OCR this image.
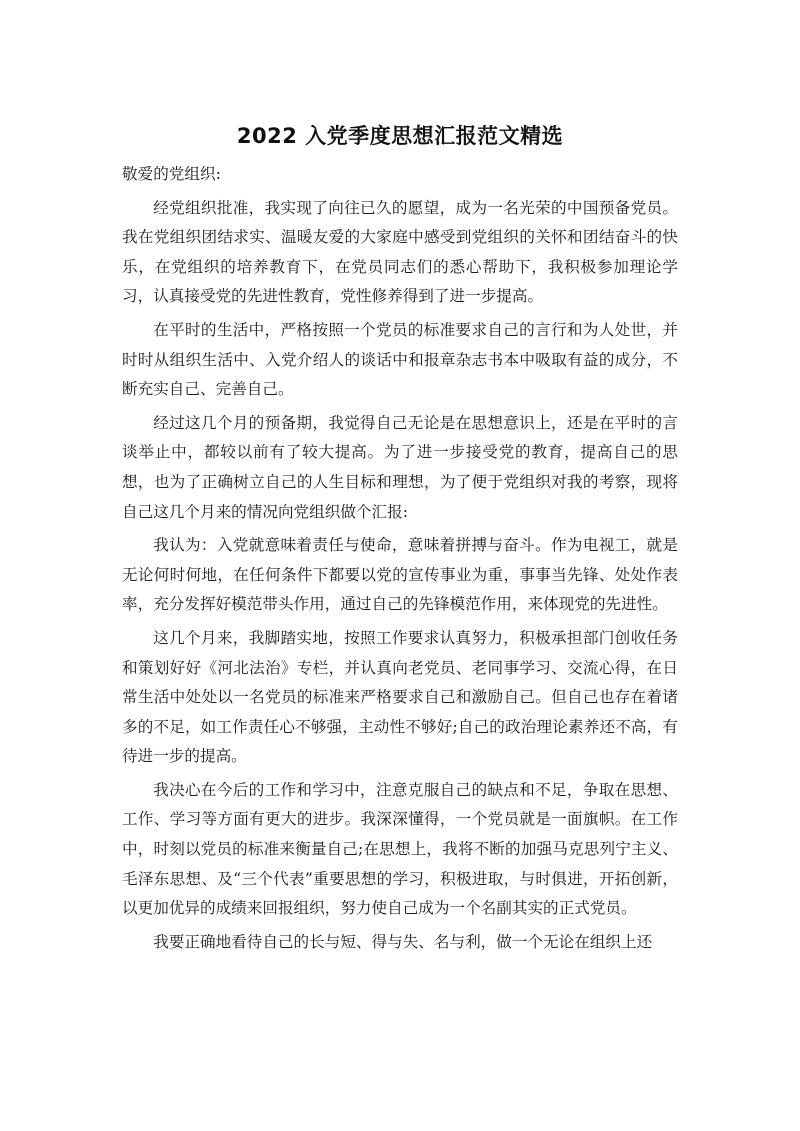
2022 入党季度思想汇报范文精选

敬爱的党组织:

经党组织批准，我实现了向往已久的愿望，成为一名光荣的中国预备党员。我在党组织团结求实、温暖友爱的大家庭中感受到党组织的关怀和团结奋斗的快乐，在党组织的培养教育下，在党员同志们的悉心帮助下，我积极参加理论学习，认真接受党的先进性教育，党性修养得到了进一步提高。

在平时的生活中，严格按照一个党员的标准要求自己的言行和为人处世，并时时从组织生活中、入党介绍人的谈话中和报章杂志书本中吸取有益的成分，不断充实自己、完善自己。

经过这几个月的预备期，我觉得自己无论是在思想意识上，还是在平时的言谈举止中，都较以前有了较大提高。为了进一步接受党的教育，提高自己的思想，也为了正确树立自己的人生目标和理想，为了便于党组织对我的考察，现将自己这几个月来的情况向党组织做个汇报:

我认为：入党就意味着责任与使命，意味着拼搏与奋斗。作为电视工，就是无论何时何地，在任何条件下都要以党的宣传事业为重，事事当先锋、处处作表率，充分发挥好模范带头作用，通过自己的先锋模范作用，来体现党的先进性。

这几个月来，我脚踏实地，按照工作要求认真努力，积极承担部门创收任务和策划好好《河北法治》专栏，并认真向老党员、老同事学习、交流心得，在日常生活中处处以一名党员的标准来严格要求自己和激励自己。但自己也存在着诸多的不足，如工作责任心不够强，主动性不够好;自己的政治理论素养还不高，有待进一步的提高。

我决心在今后的工作和学习中，注意克服自己的缺点和不足，争取在思想、工作、学习等方面有更大的进步。我深深懂得，一个党员就是一面旗帜。在工作中，时刻以党员的标准来衡量自己;在思想上，我将不断的加强马克思列宁主义、毛泽东思想、及“三个代表”重要思想的学习，积极进取，与时俱进，开拓创新，以更加优异的成绩来回报组织，努力使自己成为一个名副其实的正式党员。

我要正确地看待自己的长与短、得与失、名与利，做一个无论在组织上还
